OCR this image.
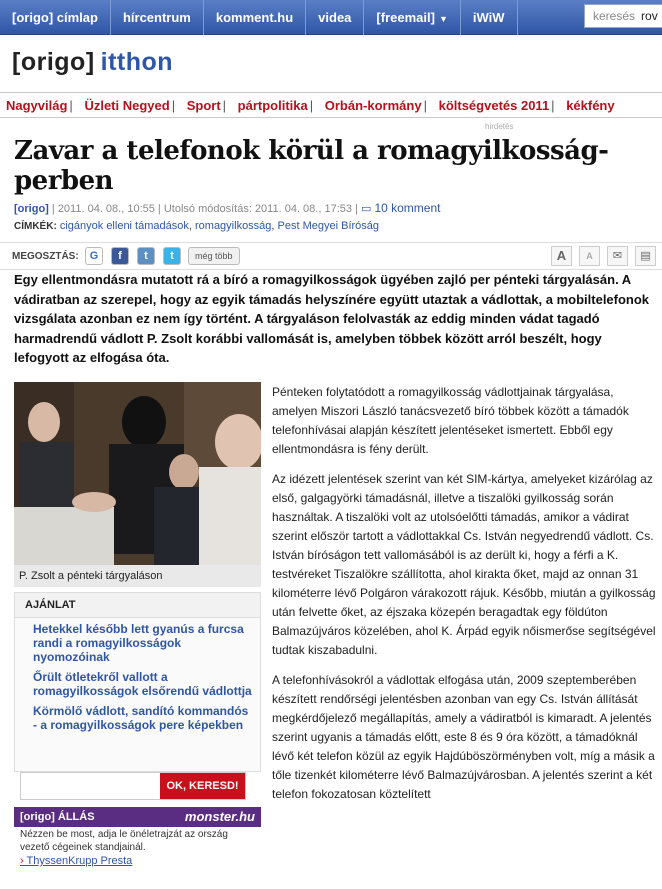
[origo] címlap	hírcentrum	komment.hu	videa	[freemail] ▼	iWiW	keresés rov
[origo] itthon
Nagyvilág | Üzleti Negyed | Sport | pártpolitika | Orbán-kormány | költségvetés 2011 | kékfény
hirdetés
Zavar a telefonok körül a romagyilkosság-perben
[origo] | 2011. 04. 08., 10:55 | Utolsó módosítás: 2011. 04. 08., 17:53 | ▭ 10 komment
CÍMKÉK: cigányok elleni támadások, romagyilkosság, Pest Megyei Bíróság
MEGOSZTÁS:	G	f	t	t	még több	A	A	✉	▤

Egy ellentmondásra mutatott rá a bíró a romagyilkosságok ügyében zajló per pénteki tárgyalásán. A vádiratban az szerepel, hogy az egyik támadás helyszínére együtt utaztak a vádlottak, a mobiltelefonok vizsgálata azonban ez nem így történt. A tárgyaláson felolvasták az eddig minden vádat tagadó harmadrendű vádlott P. Zsolt korábbi vallomását is, amelyben többek között arról beszélt, hogy lefogyott az elfogása óta.

P. Zsolt a pénteki tárgyaláson
AJÁNLAT
Hetekkel később lett gyanús a furcsa randi a romagyilkosságok nyomozóinak
Őrült ötletekről vallott a romagyilkosságok elsőrendű vádlottja
Körmölő vádlott, sandító kommandós - a romagyilkosságok pere képekben
OK, KERESD!
[origo] ÁLLÁS	monster.hu
Nézzen be most, adja le önéletrajzát az ország vezető cégeinek standjainál.
› ThyssenKrupp Presta

Pénteken folytatódott a romagyilkosság vádlottjainak tárgyalása, amelyen Miszori László tanácsvezető bíró többek között a támadók telefonhívásai alapján készített jelentéseket ismertett. Ebből egy ellentmondásra is fény derült.

Az idézett jelentések szerint van két SIM-kártya, amelyeket kizárólag az első, galgagyörki támadásnál, illetve a tiszalöki gyilkosság során használtak. A tiszalöki volt az utolsóelőtti támadás, amikor a vádirat szerint először tartott a vádlottakkal Cs. István negyedrendű vádlott. Cs. István bíróságon tett vallomásából is az derült ki, hogy a férfi a K. testvéreket Tiszalökre szállította, ahol kirakta őket, majd az onnan 31 kilométerre lévő Polgáron várakozott rájuk. Később, miután a gyilkosság után felvette őket, az éjszaka közepén beragadtak egy földúton Balmazújváros közelében, ahol K. Árpád egyik nőismerőse segítségével tudtak kiszabadulni.

A telefonhívásokról a vádlottak elfogása után, 2009 szeptemberében készített rendőrségi jelentésben azonban van egy Cs. István állítását megkérdőjelező megállapítás, amely a vádiratból is kimaradt. A jelentés szerint ugyanis a támadás előtt, este 8 és 9 óra között, a támadóknál lévő két telefon közül az egyik Hajdúböszörményben volt, míg a másik a tőle tizenkét kilométerre lévő Balmazújvárosban. A jelentés szerint a két telefon fokozatosan köztelített
